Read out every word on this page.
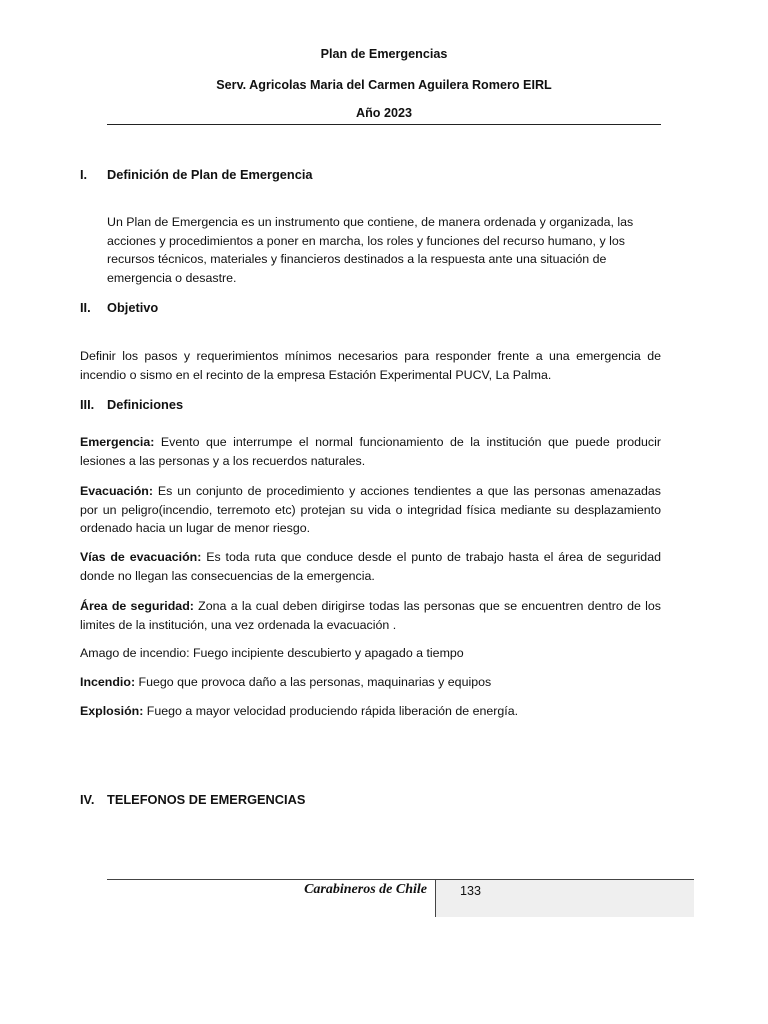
Plan de Emergencias
Serv. Agricolas Maria del Carmen Aguilera Romero EIRL
Año 2023
I. Definición de Plan de Emergencia
Un Plan de Emergencia es un instrumento que contiene, de manera ordenada y organizada, las acciones y procedimientos a poner en marcha, los roles y funciones del recurso humano, y los recursos técnicos, materiales y financieros destinados a la respuesta ante una situación de emergencia o desastre.
II. Objetivo
Definir los pasos y requerimientos mínimos necesarios para responder frente a una emergencia de incendio o sismo en el recinto de la empresa Estación Experimental PUCV, La Palma.
III. Definiciones
Emergencia: Evento que interrumpe el normal funcionamiento de la institución que puede producir lesiones a las personas y a los recuerdos naturales.
Evacuación: Es un conjunto de procedimiento y acciones tendientes a que las personas amenazadas por un peligro(incendio, terremoto etc) protejan su vida o integridad física mediante su desplazamiento ordenado hacia un lugar de menor riesgo.
Vías de evacuación: Es toda ruta que conduce desde el punto de trabajo hasta el área de seguridad donde no llegan las consecuencias de la emergencia.
Área de seguridad: Zona a la cual deben dirigirse todas las personas que se encuentren dentro de los limites de la institución, una vez ordenada la evacuación .
Amago de incendio: Fuego incipiente descubierto y apagado a tiempo
Incendio: Fuego que provoca daño a las personas, maquinarias y equipos
Explosión: Fuego a mayor velocidad produciendo rápida liberación de energía.
IV. TELEFONOS DE EMERGENCIAS
Carabineros de Chile	133
